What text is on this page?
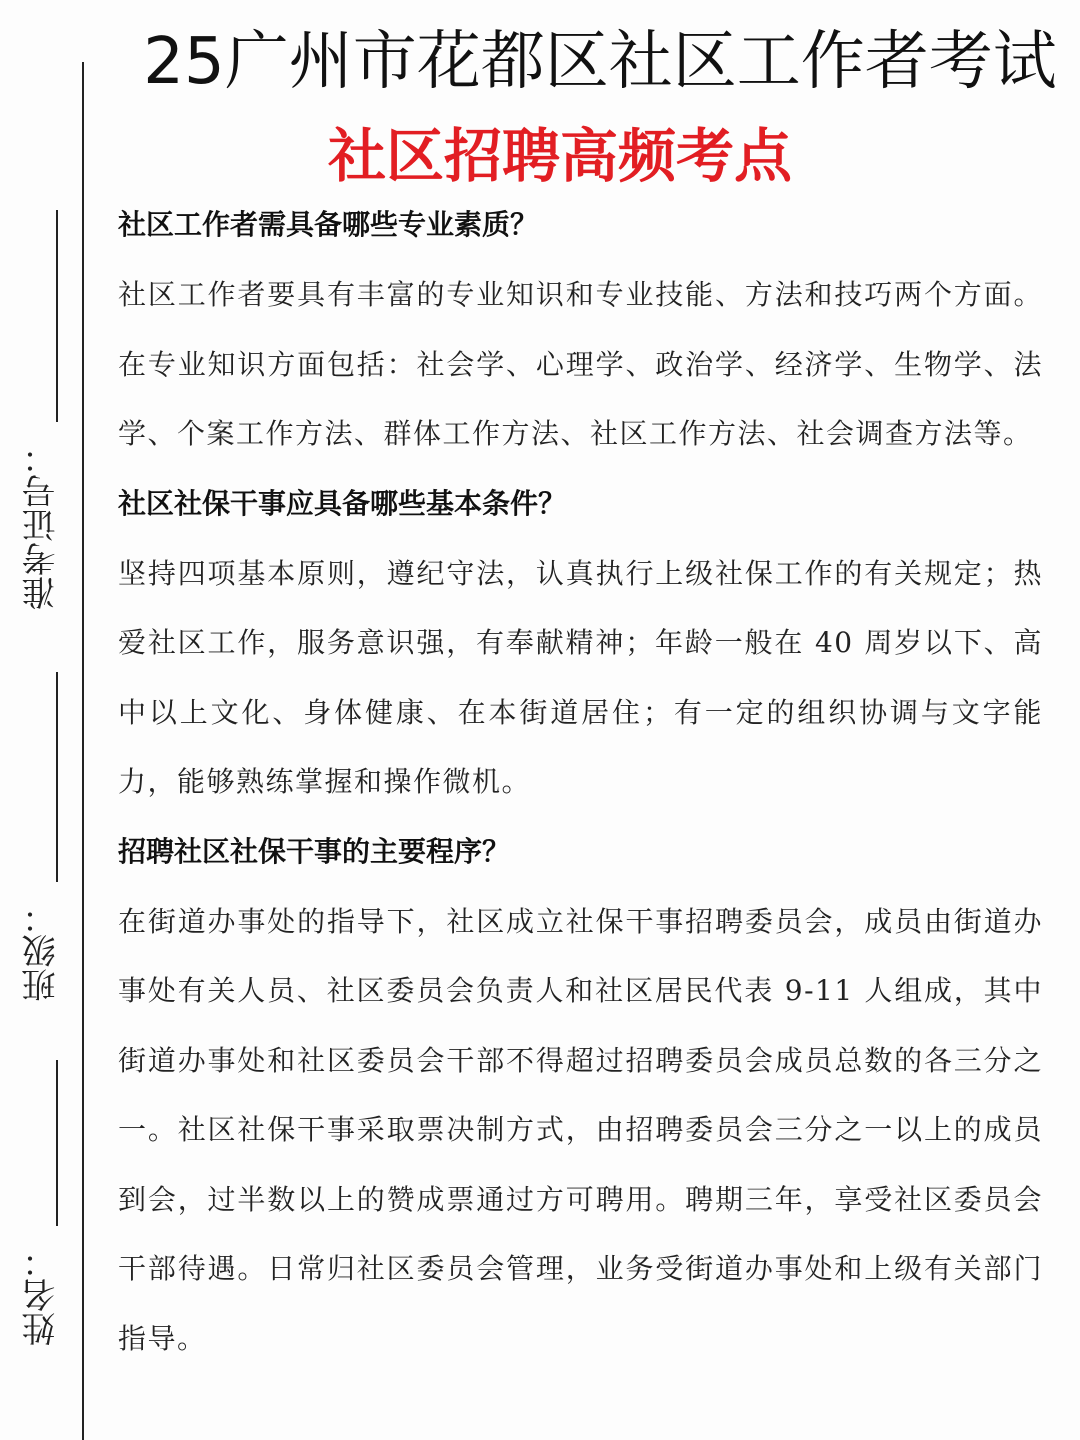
准考证号：
班级：
姓名：
25广州市花都区社区工作者考试
社区招聘高频考点

社区工作者需具备哪些专业素质？

社区工作者要具有丰富的专业知识和专业技能、方法和技巧两个方面。在专业知识方面包括：社会学、心理学、政治学、经济学、生物学、法学、个案工作方法、群体工作方法、社区工作方法、社会调查方法等。

社区社保干事应具备哪些基本条件？

坚持四项基本原则，遵纪守法，认真执行上级社保工作的有关规定；热爱社区工作，服务意识强，有奉献精神；年龄一般在 40 周岁以下、高中以上文化、身体健康、在本街道居住；有一定的组织协调与文字能力，能够熟练掌握和操作微机。

招聘社区社保干事的主要程序？

在街道办事处的指导下，社区成立社保干事招聘委员会，成员由街道办事处有关人员、社区委员会负责人和社区居民代表 9-11 人组成，其中街道办事处和社区委员会干部不得超过招聘委员会成员总数的各三分之一。社区社保干事采取票决制方式，由招聘委员会三分之一以上的成员到会，过半数以上的赞成票通过方可聘用。聘期三年，享受社区委员会干部待遇。日常归社区委员会管理，业务受街道办事处和上级有关部门指导。
